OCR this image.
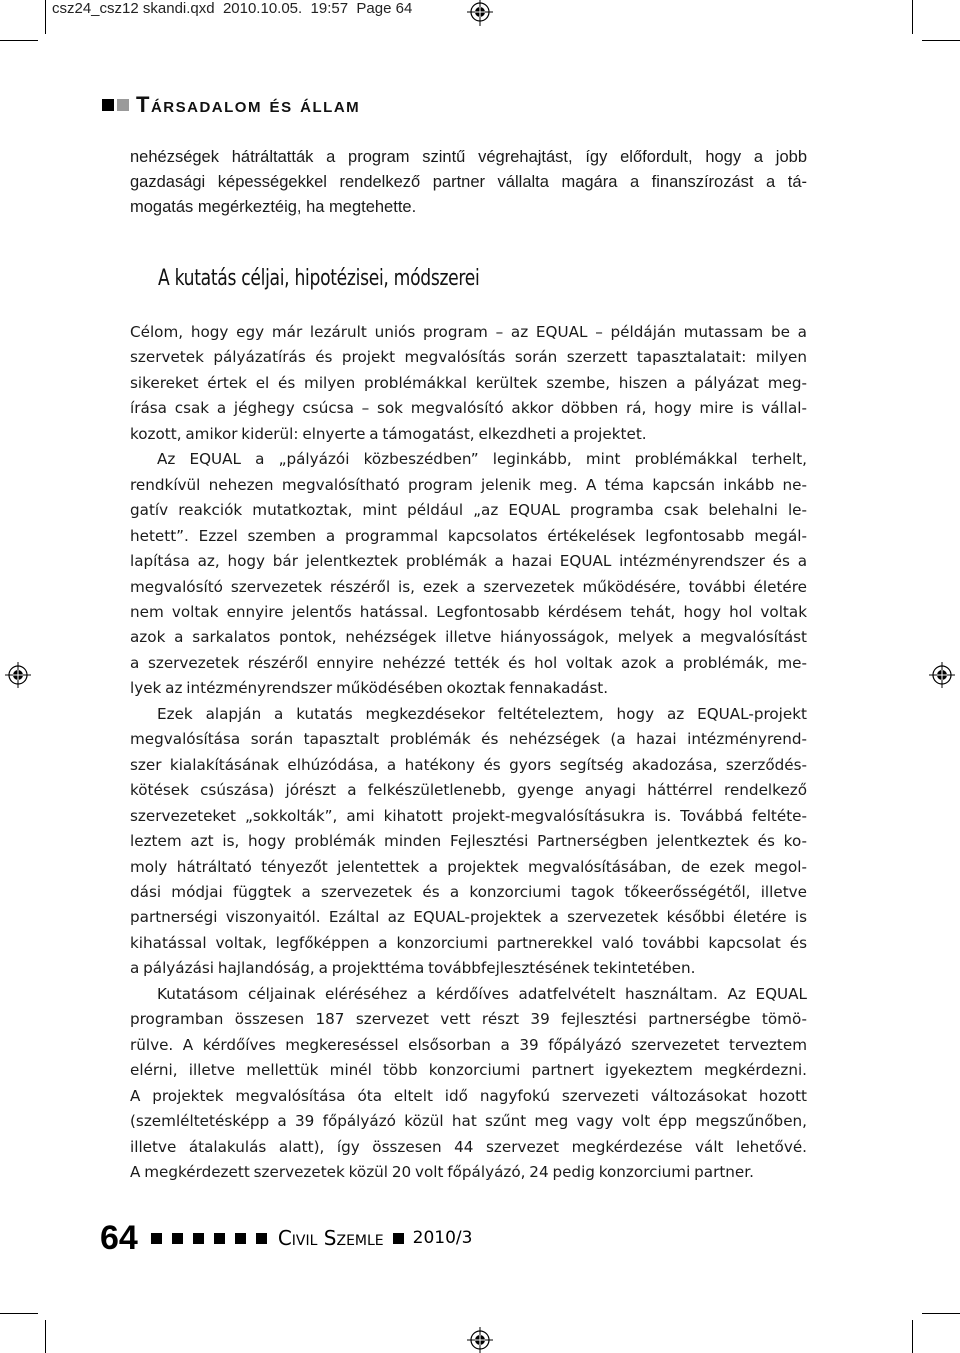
csz24_csz12 skandi.qxd 2010.10.05. 19:57 Page 64
Társadalom és állam
nehézségek hátráltatták a program szintű végrehajtást, így előfordult, hogy a jobb
gazdasági képességekkel rendelkező partner vállalta magára a finanszírozást a tá-
mogatás megérkeztéig, ha megtehette.
A kutatás céljai, hipotézisei, módszerei
Célom, hogy egy már lezárult uniós program – az EQUAL – példáján mutassam be a
szervetek pályázatírás és projekt megvalósítás során szerzett tapasztalatait: milyen
sikereket értek el és milyen problémákkal kerültek szembe, hiszen a pályázat meg-
írása csak a jéghegy csúcsa – sok megvalósító akkor döbben rá, hogy mire is vállal-
kozott, amikor kiderül: elnyerte a támogatást, elkezdheti a projektet.
Az EQUAL a „pályázói közbeszédben” leginkább, mint problémákkal terhelt,
rendkívül nehezen megvalósítható program jelenik meg. A téma kapcsán inkább ne-
gatív reakciók mutatkoztak, mint például „az EQUAL programba csak belehalni le-
hetett”. Ezzel szemben a programmal kapcsolatos értékelések legfontosabb megál-
lapítása az, hogy bár jelentkeztek problémák a hazai EQUAL intézményrendszer és a
megvalósító szervezetek részéről is, ezek a szervezetek működésére, további életére
nem voltak ennyire jelentős hatással. Legfontosabb kérdésem tehát, hogy hol voltak
azok a sarkalatos pontok, nehézségek illetve hiányosságok, melyek a megvalósítást
a szervezetek részéről ennyire nehézzé tették és hol voltak azok a problémák, me-
lyek az intézményrendszer működésében okoztak fennakadást.
Ezek alapján a kutatás megkezdésekor feltételeztem, hogy az EQUAL-projekt
megvalósítása során tapasztalt problémák és nehézségek (a hazai intézményrend-
szer kialakításának elhúzódása, a hatékony és gyors segítség akadozása, szerződés-
kötések csúszása) jórészt a felkészületlenebb, gyenge anyagi háttérrel rendelkező
szervezeteket „sokkolták”, ami kihatott projekt-megvalósításukra is. Továbbá feltéte-
leztem azt is, hogy problémák minden Fejlesztési Partnerségben jelentkeztek és ko-
moly hátráltató tényezőt jelentettek a projektek megvalósításában, de ezek megol-
dási módjai függtek a szervezetek és a konzorciumi tagok tőkeerősségétől, illetve
partnerségi viszonyaitól. Ezáltal az EQUAL-projektek a szervezetek későbbi életére is
kihatással voltak, legfőképpen a konzorciumi partnerekkel való további kapcsolat és
a pályázási hajlandóság, a projekttéma továbbfejlesztésének tekintetében.
Kutatásom céljainak eléréséhez a kérdőíves adatfelvételt használtam. Az EQUAL
programban összesen 187 szervezet vett részt 39 fejlesztési partnerségbe tömö-
rülve. A kérdőíves megkereséssel elsősorban a 39 főpályázó szervezetet terveztem
elérni, illetve mellettük minél több konzorciumi partnert igyekeztem megkérdezni.
A projektek megvalósítása óta eltelt idő nagyfokú szervezeti változásokat hozott
(szemléltetésképp a 39 főpályázó közül hat szűnt meg vagy volt épp megszűnőben,
illetve átalakulás alatt), így összesen 44 szervezet megkérdezése vált lehetővé.
A megkérdezett szervezetek közül 20 volt főpályázó, 24 pedig konzorciumi partner.
64	Civil Szemle 2010/3
